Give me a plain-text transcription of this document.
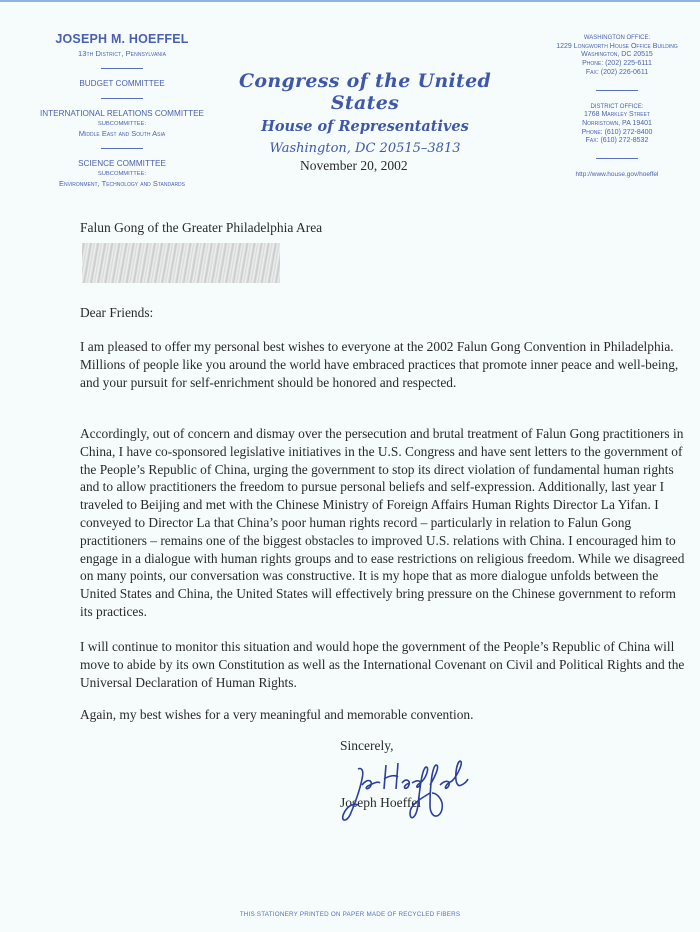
JOSEPH M. HOEFFEL
13th District, Pennsylvania
BUDGET COMMITTEE
INTERNATIONAL RELATIONS COMMITTEE
SUBCOMMITTEE:
Middle East and South Asia
SCIENCE COMMITTEE
SUBCOMMITTEE:
Environment, Technology and Standards
Congress of the United States
House of Representatives
Washington, DC 20515–3813
WASHINGTON OFFICE:
1229 Longworth House Office Building
Washington, DC 20515
Phone: (202) 225-6111
Fax: (202) 226-0611
DISTRICT OFFICE:
1768 Markley Street
Norristown, PA 19401
Phone: (610) 272-8400
Fax: (610) 272-8532
http://www.house.gov/hoeffel
November 20, 2002
Falun Gong of the Greater Philadelphia Area
Dear Friends:
I am pleased to offer my personal best wishes to everyone at the 2002 Falun Gong Convention in Philadelphia. Millions of people like you around the world have embraced practices that promote inner peace and well-being, and your pursuit for self-enrichment should be honored and respected.
Accordingly, out of concern and dismay over the persecution and brutal treatment of Falun Gong practitioners in China, I have co-sponsored legislative initiatives in the U.S. Congress and have sent letters to the government of the People’s Republic of China, urging the government to stop its direct violation of fundamental human rights and to allow practitioners the freedom to pursue personal beliefs and self-expression. Additionally, last year I traveled to Beijing and met with the Chinese Ministry of Foreign Affairs Human Rights Director La Yifan. I conveyed to Director La that China’s poor human rights record – particularly in relation to Falun Gong practitioners – remains one of the biggest obstacles to improved U.S. relations with China. I encouraged him to engage in a dialogue with human rights groups and to ease restrictions on religious freedom. While we disagreed on many points, our conversation was constructive. It is my hope that as more dialogue unfolds between the United States and China, the United States will effectively bring pressure on the Chinese government to reform its practices.
I will continue to monitor this situation and would hope the government of the People’s Republic of China will move to abide by its own Constitution as well as the International Covenant on Civil and Political Rights and the Universal Declaration of Human Rights.
Again, my best wishes for a very meaningful and memorable convention.
Sincerely,
Joseph Hoeffel
THIS STATIONERY PRINTED ON PAPER MADE OF RECYCLED FIBERS
